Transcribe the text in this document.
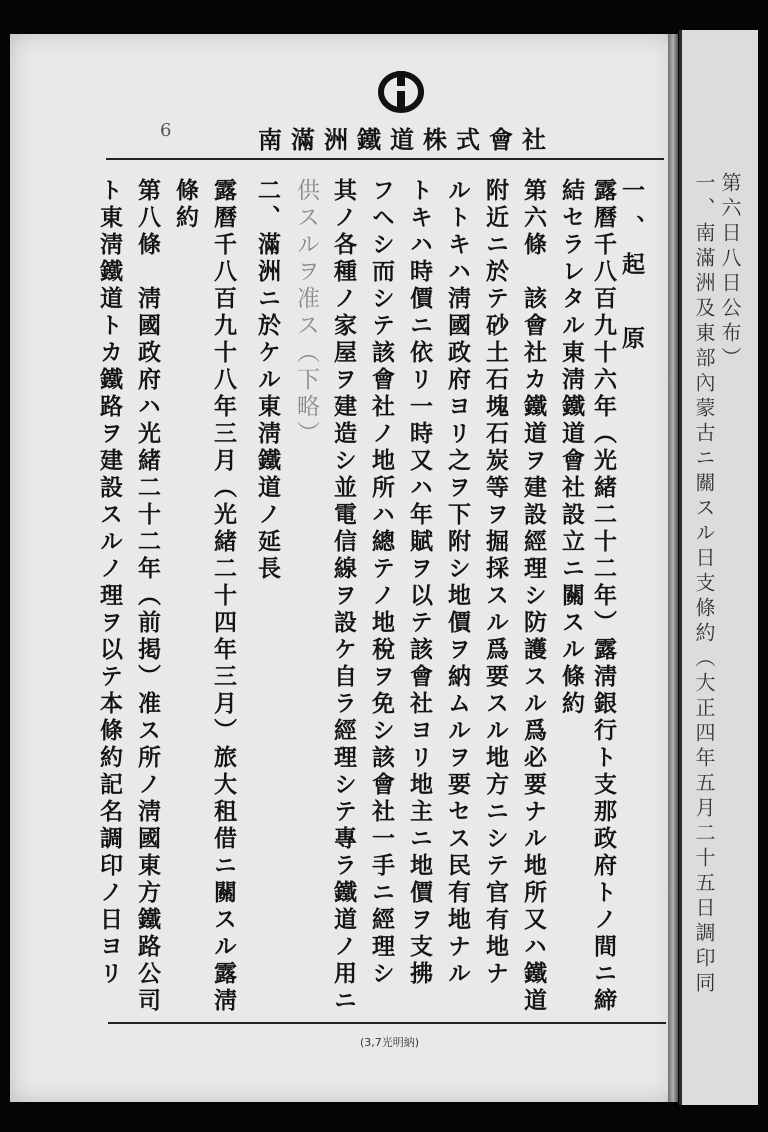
6	南滿洲鐵道株式會社
一、起　原
露曆千八百九十六年（光緒二十二年）露淸銀行ト支那政府トノ間ニ締
結セラレタル東淸鐵道會社設立ニ關スル條約
第六條　該會社カ鐵道ヲ建設經理シ防護スル爲必要ナル地所又ハ鐵道
附近ニ於テ砂土石塊石炭等ヲ掘採スル爲要スル地方ニシテ官有地ナ
ルトキハ淸國政府ヨリ之ヲ下附シ地價ヲ納ムルヲ要セス民有地ナル
トキハ時價ニ依リ一時又ハ年賦ヲ以テ該會社ヨリ地主ニ地價ヲ支拂
フヘシ而シテ該會社ノ地所ハ總テノ地稅ヲ免シ該會社一手ニ經理シ
其ノ各種ノ家屋ヲ建造シ並電信線ヲ設ケ自ラ經理シテ專ラ鐵道ノ用ニ
供スルヲ准ス（下略）
二、滿洲ニ於ケル東淸鐵道ノ延長
露曆千八百九十八年三月（光緒二十四年三月）旅大租借ニ關スル露淸
條約
第八條　淸國政府ハ光緒二十二年（前掲）准ス所ノ淸國東方鐵路公司
ト東淸鐵道トカ鐵路ヲ建設スルノ理ヲ以テ本條約記名調印ノ日ヨリ
(3,7光明納)
第六日八日公布）
一、南滿洲及東部內蒙古ニ關スル日支條約（大正四年五月二十五日調印同
